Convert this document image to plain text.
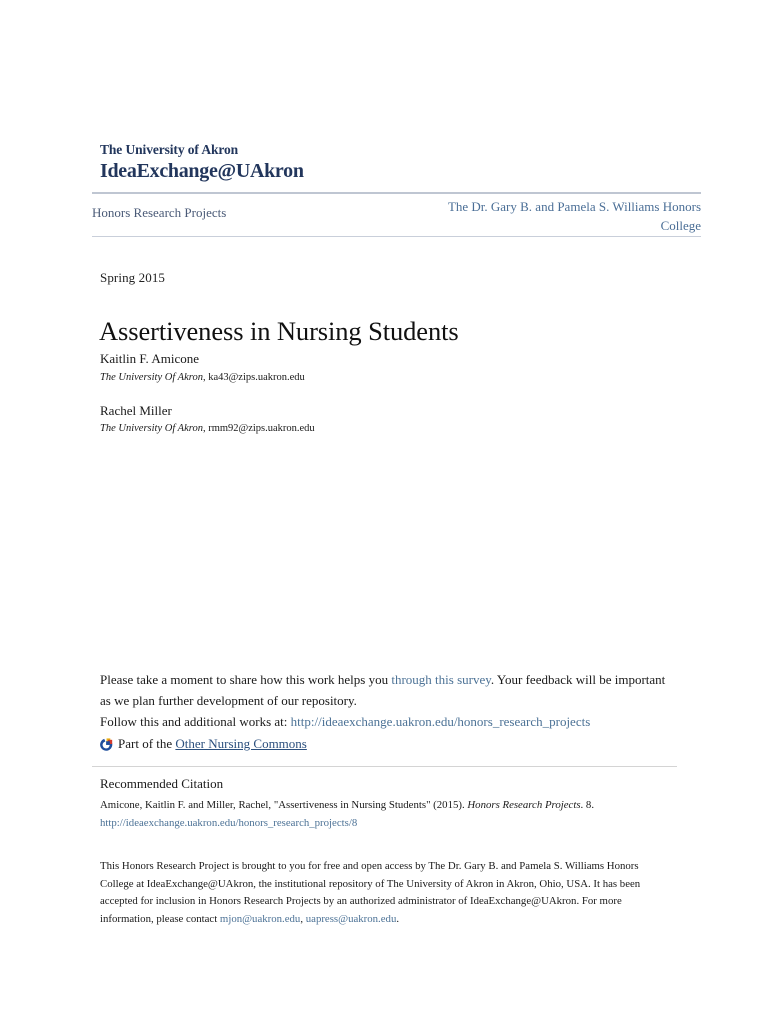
The University of Akron
IdeaExchange@UAkron
Honors Research Projects	The Dr. Gary B. and Pamela S. Williams Honors College
Spring 2015
Assertiveness in Nursing Students
Kaitlin F. Amicone
The University Of Akron, ka43@zips.uakron.edu
Rachel Miller
The University Of Akron, rmm92@zips.uakron.edu
Please take a moment to share how this work helps you through this survey. Your feedback will be important as we plan further development of our repository.
Follow this and additional works at: http://ideaexchange.uakron.edu/honors_research_projects
Part of the Other Nursing Commons
Recommended Citation
Amicone, Kaitlin F. and Miller, Rachel, "Assertiveness in Nursing Students" (2015). Honors Research Projects. 8.
http://ideaexchange.uakron.edu/honors_research_projects/8
This Honors Research Project is brought to you for free and open access by The Dr. Gary B. and Pamela S. Williams Honors College at IdeaExchange@UAkron, the institutional repository of The University of Akron in Akron, Ohio, USA. It has been accepted for inclusion in Honors Research Projects by an authorized administrator of IdeaExchange@UAkron. For more information, please contact mjon@uakron.edu, uapress@uakron.edu.
